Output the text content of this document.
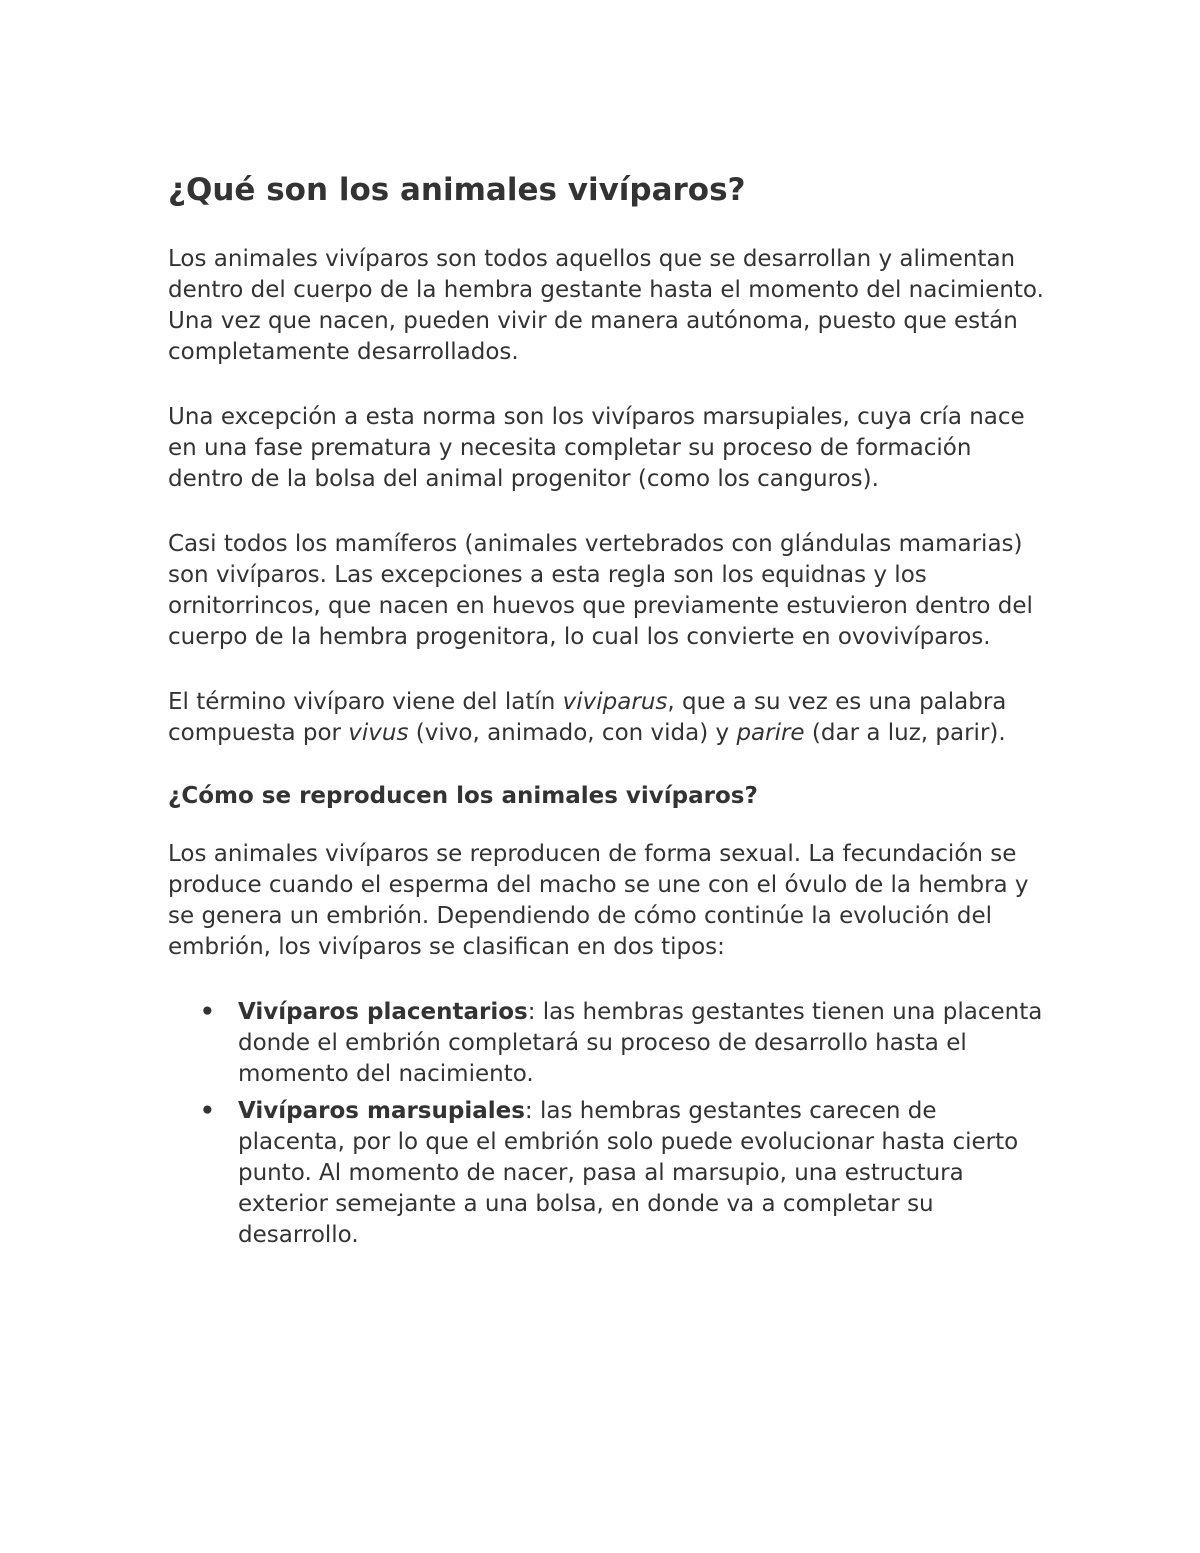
¿Qué son los animales vivíparos?

Los animales vivíparos son todos aquellos que se desarrollan y alimentan dentro del cuerpo de la hembra gestante hasta el momento del nacimiento. Una vez que nacen, pueden vivir de manera autónoma, puesto que están completamente desarrollados.

Una excepción a esta norma son los vivíparos marsupiales, cuya cría nace en una fase prematura y necesita completar su proceso de formación dentro de la bolsa del animal progenitor (como los canguros).

Casi todos los mamíferos (animales vertebrados con glándulas mamarias) son vivíparos. Las excepciones a esta regla son los equidnas y los ornitorrincos, que nacen en huevos que previamente estuvieron dentro del cuerpo de la hembra progenitora, lo cual los convierte en ovovivíparos.

El término vivíparo viene del latín viviparus, que a su vez es una palabra compuesta por vivus (vivo, animado, con vida) y parire (dar a luz, parir).

¿Cómo se reproducen los animales vivíparos?

Los animales vivíparos se reproducen de forma sexual. La fecundación se produce cuando el esperma del macho se une con el óvulo de la hembra y se genera un embrión. Dependiendo de cómo continúe la evolución del embrión, los vivíparos se clasifican en dos tipos:

• Vivíparos placentarios: las hembras gestantes tienen una placenta donde el embrión completará su proceso de desarrollo hasta el momento del nacimiento.
• Vivíparos marsupiales: las hembras gestantes carecen de placenta, por lo que el embrión solo puede evolucionar hasta cierto punto. Al momento de nacer, pasa al marsupio, una estructura exterior semejante a una bolsa, en donde va a completar su desarrollo.
